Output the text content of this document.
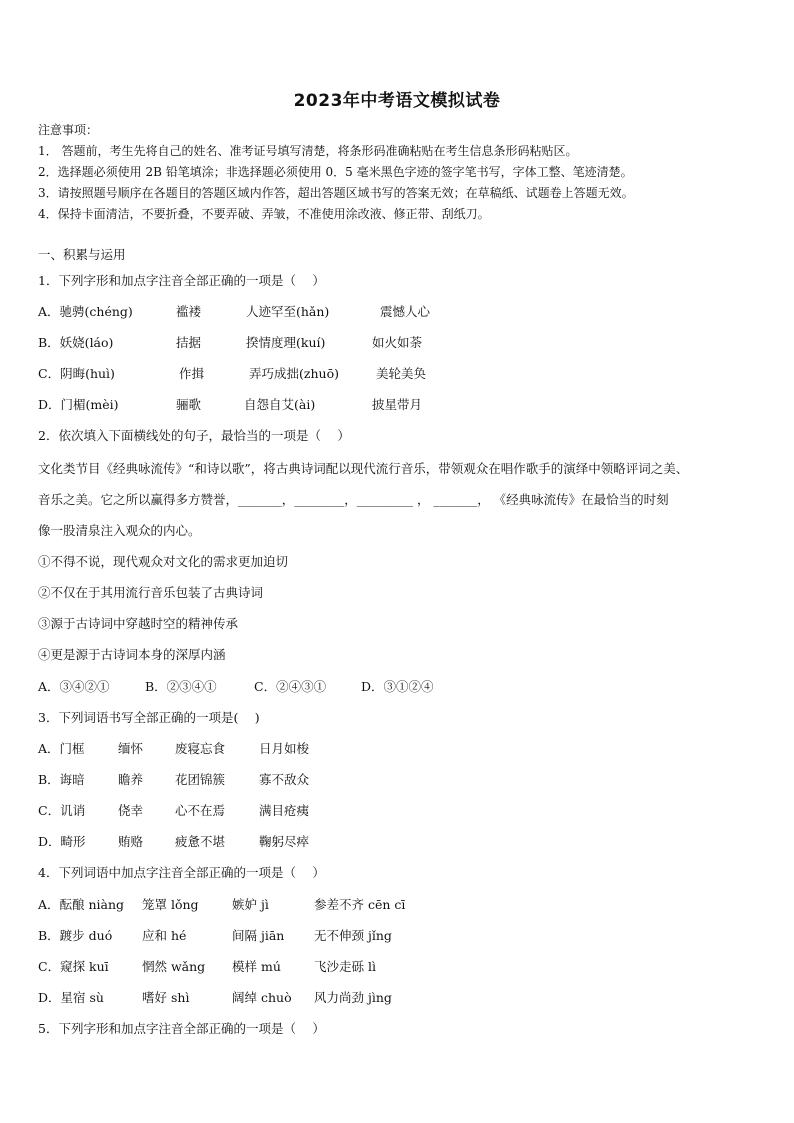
2023年中考语文模拟试卷
注意事项：
1． 答题前，考生先将自己的姓名、准考证号填写清楚，将条形码准确粘贴在考生信息条形码粘贴区。
2．选择题必须使用 2B 铅笔填涂；非选择题必须使用 0．5 毫米黑色字迹的签字笔书写，字体工整、笔迹清楚。
3．请按照题号顺序在各题目的答题区域内作答，超出答题区域书写的答案无效；在草稿纸、试题卷上答题无效。
4．保持卡面清洁，不要折叠，不要弄破、弄皱，不准使用涂改液、修正带、刮纸刀。
一、积累与运用
1．下列字形和加点字注音全部正确的一项是（　 ）
A．驰骋(chéng)	褴褛	人迹罕至(hǎn)	震憾人心
B．妖娆(láo)	拮据	揆情度理(kuí)	如火如荼
C．阴晦(huì)	作揖	弄巧成拙(zhuō)	美轮美奂
D．门楣(mèi)	骊歌	自怨自艾(ài)	披星带月
2．依次填入下面横线处的句子，最恰当的一项是（　 ）
文化类节目《经典咏流传》“和诗以歌”，将古典诗词配以现代流行音乐，带领观众在唱作歌手的演绎中领略评词之美、
音乐之美。它之所以赢得多方赞誉，_______，________，_________ ， _______， 《经典咏流传》在最恰当的时刻
像一股清泉注入观众的内心。
①不得不说，现代观众对文化的需求更加迫切
②不仅在于其用流行音乐包装了古典诗词
③源于古诗词中穿越时空的精神传承
④更是源于古诗词本身的深厚内涵
A．③④②①	B．②③④①	C．②④③①	D．③①②④
3．下列词语书写全部正确的一项是(　 )
A．门框	缅怀	废寝忘食	日月如梭
B．诲暗	瞻养	花团锦簇	寡不敌众
C．讥诮	侥幸	心不在焉	满目疮痍
D．畸形	贿赂	疲惫不堪	鞠躬尽瘁
4．下列词语中加点字注音全部正确的一项是（　 ）
A．酝酿 niàng 笼罩 lǒng	嫉妒 jì	参差不齐 cēn cī
B．踱步 duó 应和 hé	间隔 jiān 无不伸颈 jǐng
C．窥探 kuī	惘然 wǎng 模样 mú	飞沙走砾 lì
D．星宿 sù	嗜好 shì	阔绰 chuò 风力尚劲 jìng
5．下列字形和加点字注音全部正确的一项是（　 ）
